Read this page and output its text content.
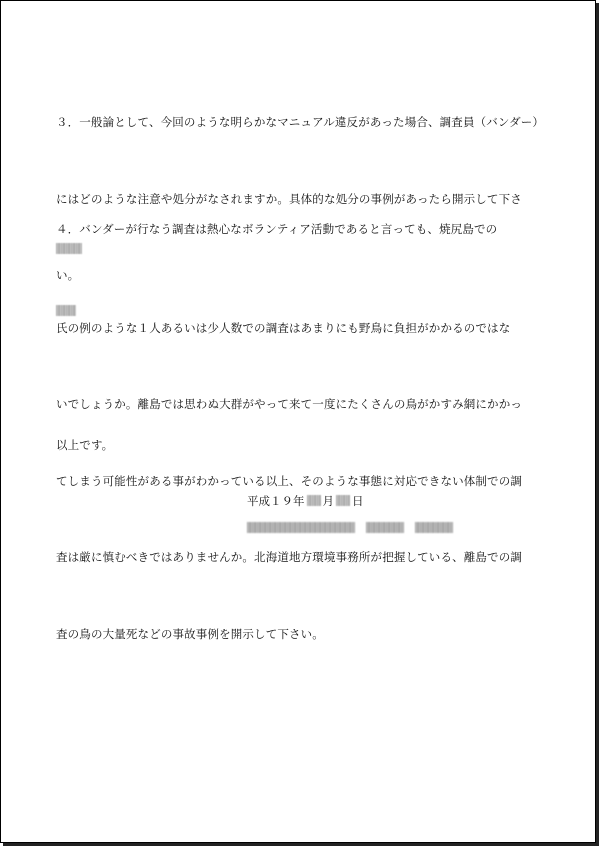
３．一般論として、今回のような明らかなマニュアル違反があった場合、調査員（バンダー）

にはどのような注意や処分がなされますか。具体的な処分の事例があったら開示して下さ

い。

４．バンダーが行なう調査は熱心なボランティア活動であると言っても、焼尻島での

氏の例のような１人あるいは少人数での調査はあまりにも野鳥に負担がかかるのではな

いでしょうか。離島では思わぬ大群がやって来て一度にたくさんの鳥がかすみ網にかかっ

てしまう可能性がある事がわかっている以上、そのような事態に対応できない体制での調

査は厳に慎むべきではありませんか。北海道地方環境事務所が把握している、離島での調

査の鳥の大量死などの事故事例を開示して下さい。

以上です。

平成１９年 月 日
